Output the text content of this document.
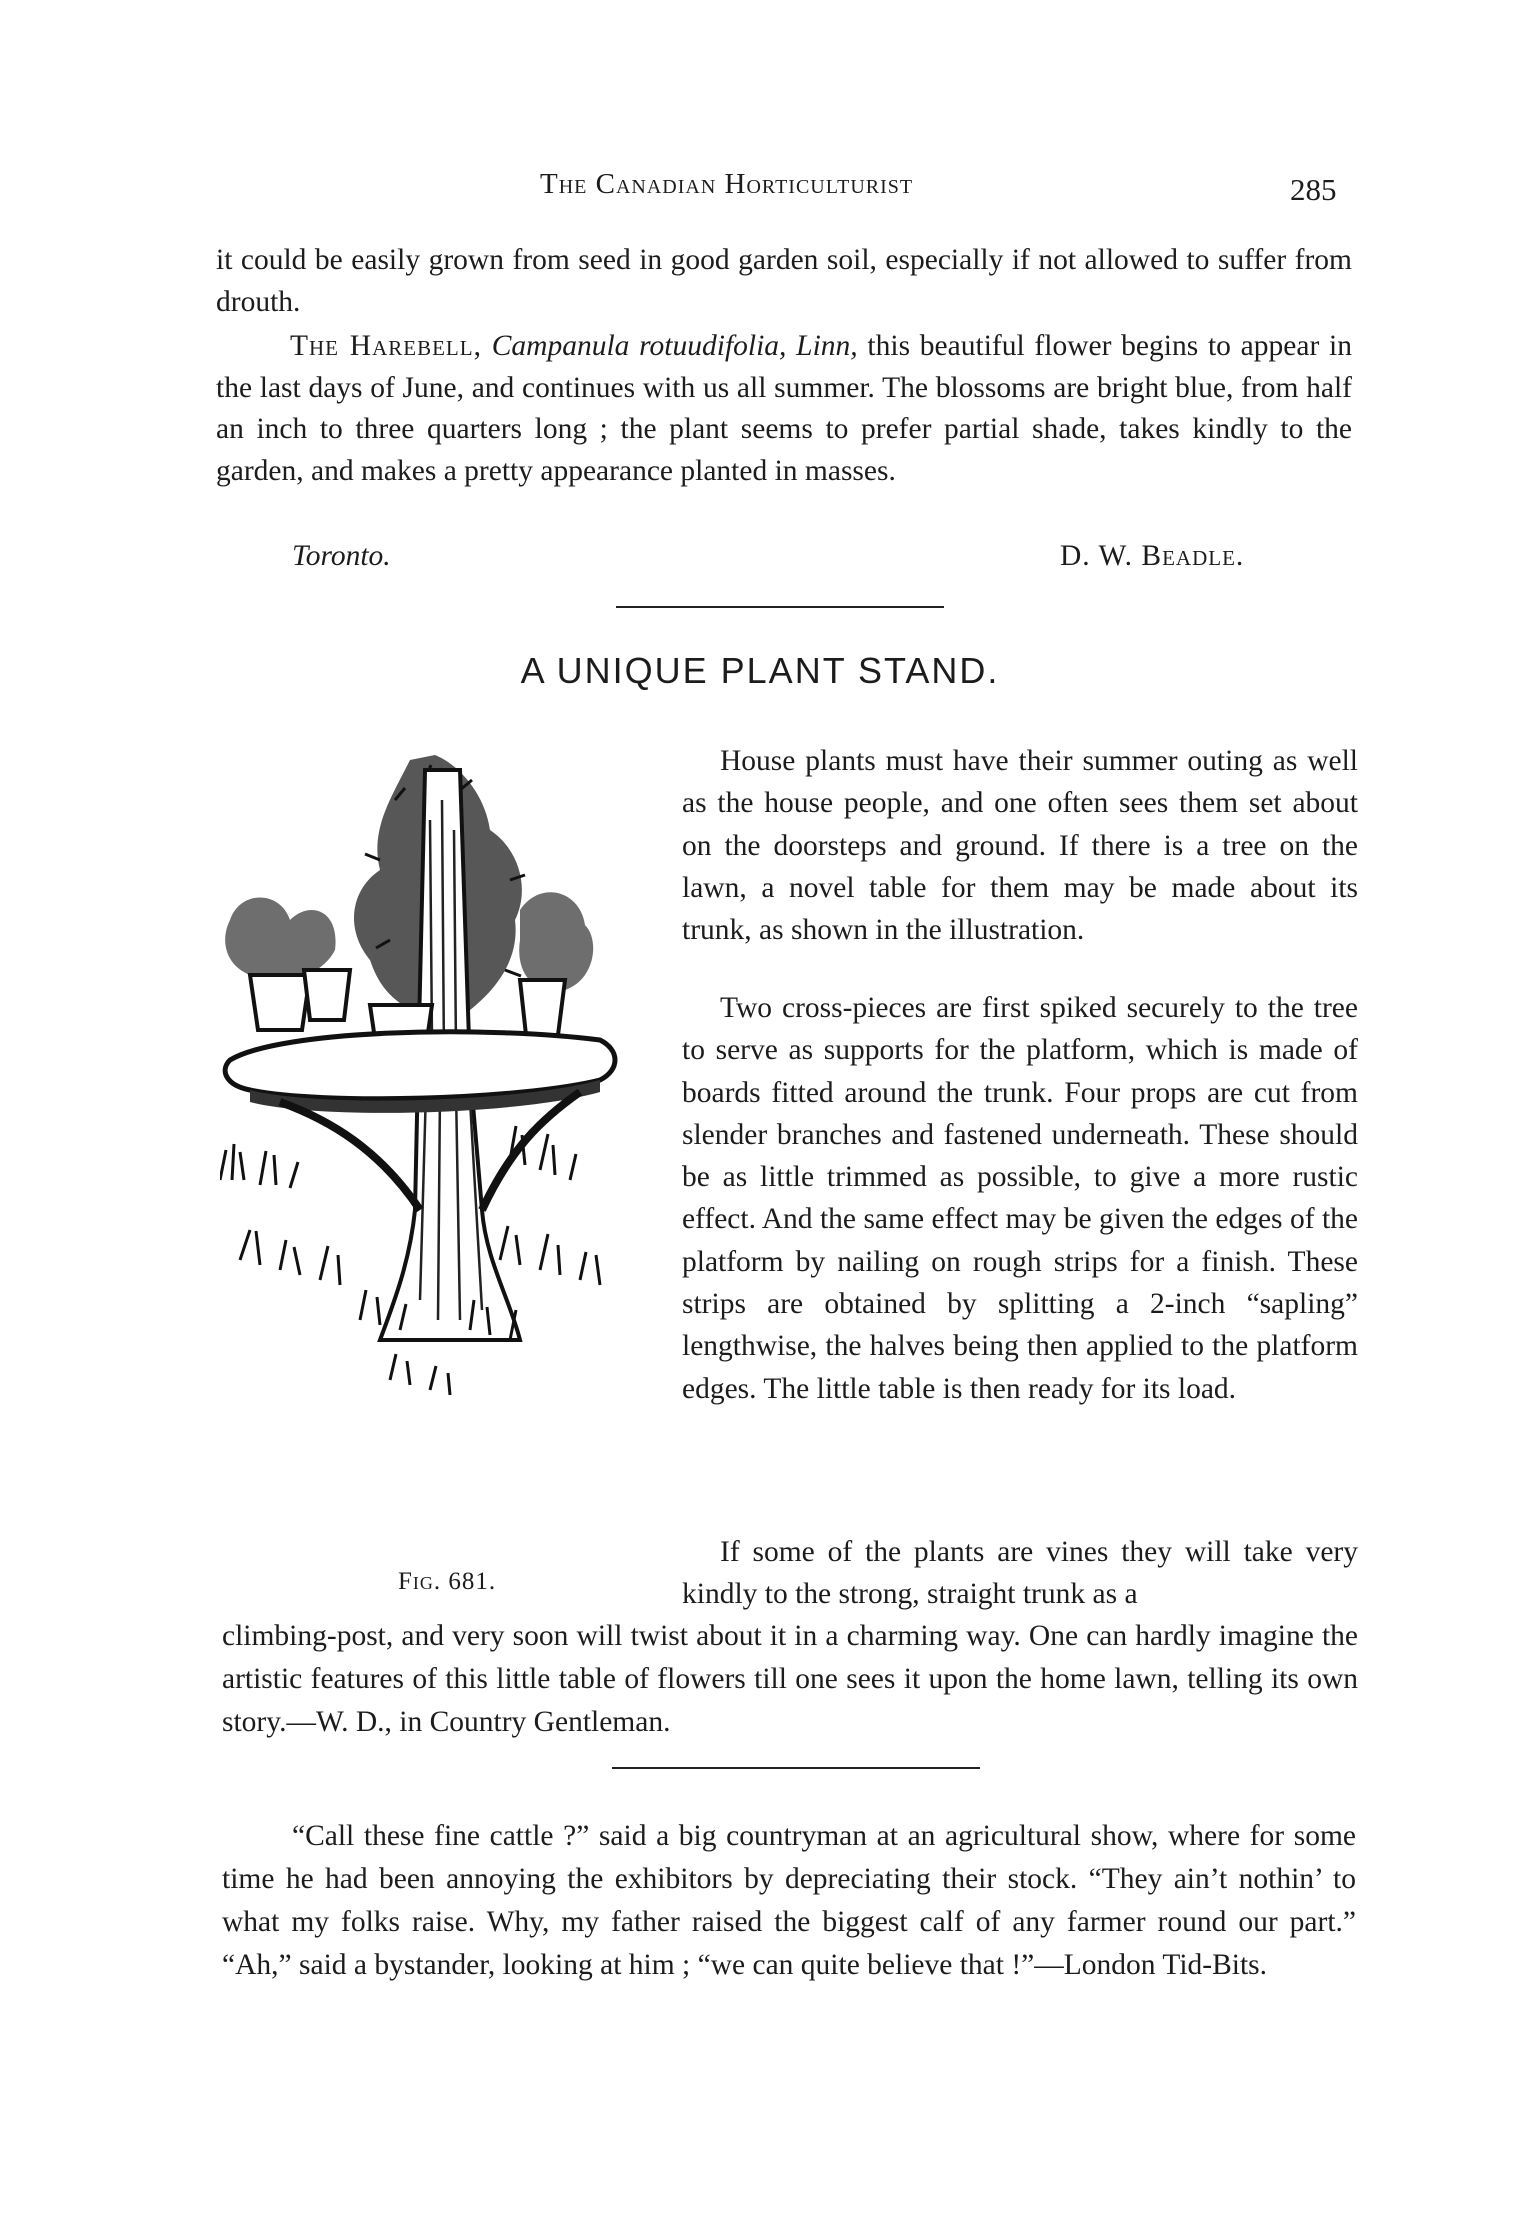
The Canadian Horticulturist	285

it could be easily grown from seed in good garden soil, especially if not allowed to suffer from drouth.

The Harebell, Campanula rotuudifolia, Linn, this beautiful flower begins to appear in the last days of June, and continues with us all summer. The blossoms are bright blue, from half an inch to three quarters long ; the plant seems to prefer partial shade, takes kindly to the garden, and makes a pretty appearance planted in masses.

Toronto.	D. W. Beadle.
A UNIQUE PLANT STAND.
Fig. 681.

House plants must have their summer outing as well as the house people, and one often sees them set about on the doorsteps and ground. If there is a tree on the lawn, a novel table for them may be made about its trunk, as shown in the illustration.

Two cross-pieces are first spiked securely to the tree to serve as supports for the platform, which is made of boards fitted around the trunk. Four props are cut from slender branches and fastened underneath. These should be as little trimmed as possible, to give a more rustic effect. And the same effect may be given the edges of the platform by nailing on rough strips for a finish. These strips are obtained by splitting a 2-inch “sapling” lengthwise, the halves being then applied to the platform edges. The little table is then ready for its load.

If some of the plants are vines they will take very kindly to the strong, straight trunk as a

climbing-post, and very soon will twist about it in a charming way. One can hardly imagine the artistic features of this little table of flowers till one sees it upon the home lawn, telling its own story.—W. D., in Country Gentleman.

“Call these fine cattle ?” said a big countryman at an agricultural show, where for some time he had been annoying the exhibitors by depreciating their stock. “They ain’t nothin’ to what my folks raise. Why, my father raised the biggest calf of any farmer round our part.” “Ah,” said a bystander, looking at him ; “we can quite believe that !”—London Tid-Bits.
